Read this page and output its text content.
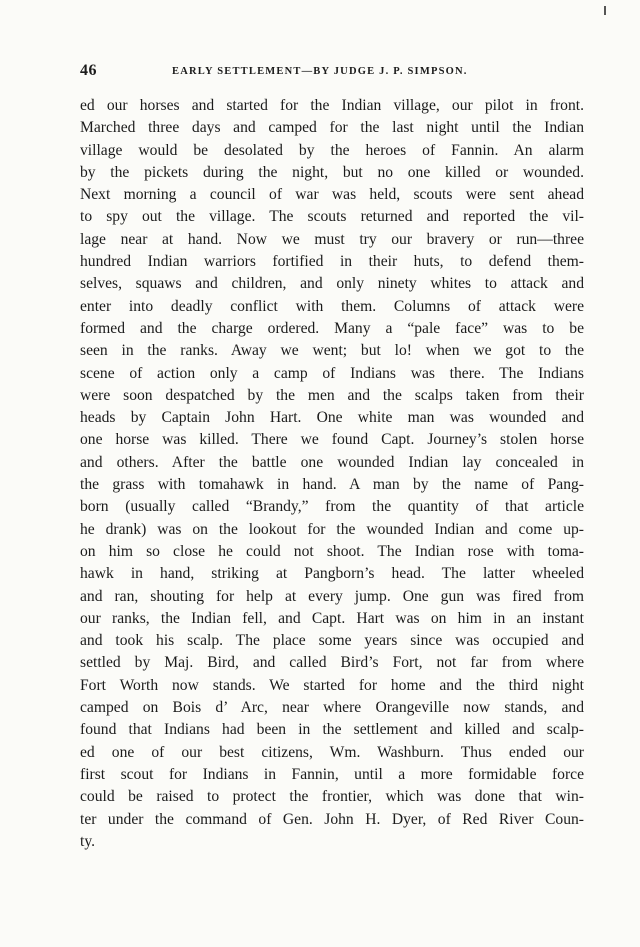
46	EARLY SETTLEMENT—BY JUDGE J. P. SIMPSON.
ed our horses and started for the Indian village, our pilot in front.
Marched three days and camped for the last night until the Indian
village would be desolated by the heroes of Fannin. An alarm
by the pickets during the night, but no one killed or wounded.
Next morning a council of war was held, scouts were sent ahead
to spy out the village. The scouts returned and reported the vil-
lage near at hand. Now we must try our bravery or run—three
hundred Indian warriors fortified in their huts, to defend them-
selves, squaws and children, and only ninety whites to attack and
enter into deadly conflict with them. Columns of attack were
formed and the charge ordered. Many a “pale face” was to be
seen in the ranks. Away we went; but lo! when we got to the
scene of action only a camp of Indians was there. The Indians
were soon despatched by the men and the scalps taken from their
heads by Captain John Hart. One white man was wounded and
one horse was killed. There we found Capt. Journey’s stolen horse
and others. After the battle one wounded Indian lay concealed in
the grass with tomahawk in hand. A man by the name of Pang-
born (usually called “Brandy,” from the quantity of that article
he drank) was on the lookout for the wounded Indian and come up-
on him so close he could not shoot. The Indian rose with toma-
hawk in hand, striking at Pangborn’s head. The latter wheeled
and ran, shouting for help at every jump. One gun was fired from
our ranks, the Indian fell, and Capt. Hart was on him in an instant
and took his scalp. The place some years since was occupied and
settled by Maj. Bird, and called Bird’s Fort, not far from where
Fort Worth now stands. We started for home and the third night
camped on Bois d’ Arc, near where Orangeville now stands, and
found that Indians had been in the settlement and killed and scalp-
ed one of our best citizens, Wm. Washburn. Thus ended our
first scout for Indians in Fannin, until a more formidable force
could be raised to protect the frontier, which was done that win-
ter under the command of Gen. John H. Dyer, of Red River Coun-
ty.
